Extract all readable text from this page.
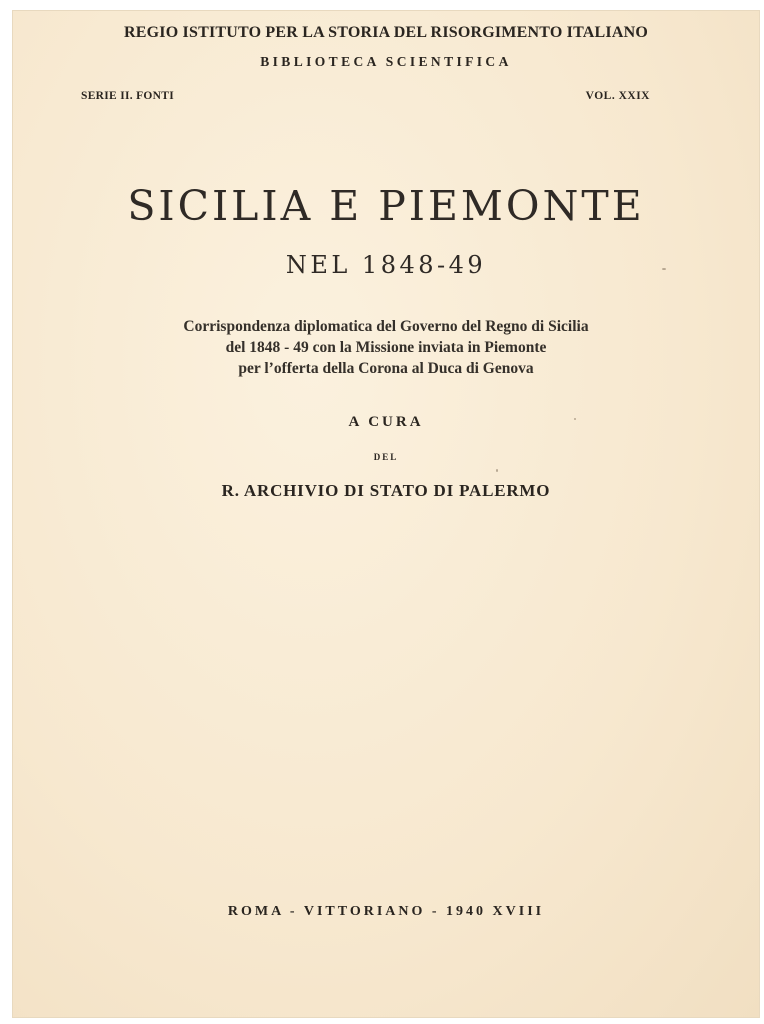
REGIO ISTITUTO PER LA STORIA DEL RISORGIMENTO ITALIANO
BIBLIOTECA SCIENTIFICA
SERIE II. FONTI	VOL. XXIX
SICILIA E PIEMONTE
NEL 1848-49
Corrispondenza diplomatica del Governo del Regno di Sicilia
del 1848 - 49 con la Missione inviata in Piemonte
per l’offerta della Corona al Duca di Genova
A CURA
DEL
R. ARCHIVIO DI STATO DI PALERMO
ROMA - VITTORIANO - 1940 XVIII
